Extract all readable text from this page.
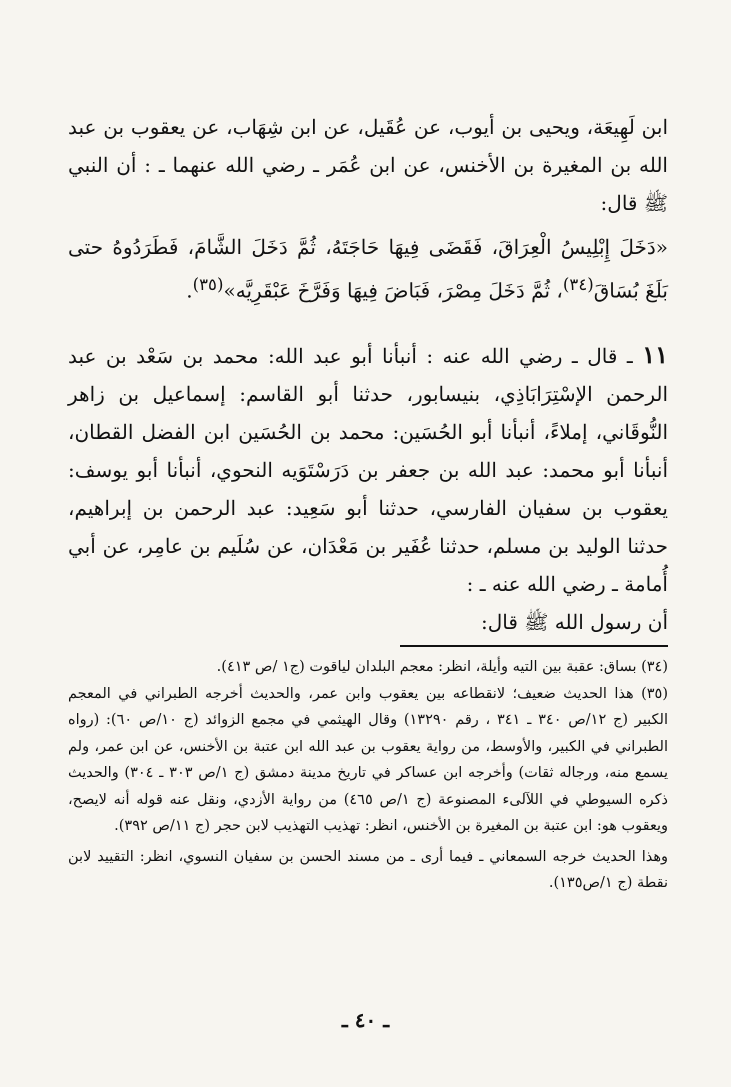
ابن لَهِيعَة، ويحيى بن أيوب، عن عُقَيل، عن ابن شِهَاب، عن يعقوب بن عبد الله بن المغيرة بن الأخنس، عن ابن عُمَر ـ رضي الله عنهما ـ : أن النبي ﷺ قال:

«دَخَلَ إِبْلِيسُ الْعِرَاقَ، فَقَضَى فِيهَا حَاجَتَهُ، ثُمَّ دَخَلَ الشَّامَ، فَطَرَدُوهُ حتى بَلَغَ بُسَاقَ$^{(٣٤)}$، ثُمَّ دَخَلَ مِصْرَ، فَبَاضَ فِيهَا وَفَرَّخَ عَبْقَرِيَّه»$^{(٣٥)}$.

١١ ـ قال ـ رضي الله عنه : أنبأنا أبو عبد الله: محمد بن سَعْد بن عبد الرحمن الإسْتِرَابَاذِي، بنيسابور، حدثنا أبو القاسم: إسماعيل بن زاهر النُّوقَاني، إملاءً، أنبأنا أبو الحُسَين: محمد بن الحُسَين ابن الفضل القطان، أنبأنا أبو محمد: عبد الله بن جعفر بن دَرَسْتَوَيه النحوي، أنبأنا أبو يوسف: يعقوب بن سفيان الفارسي، حدثنا أبو سَعِيد: عبد الرحمن بن إبراهيم، حدثنا الوليد بن مسلم، حدثنا عُفَير بن مَعْدَان، عن سُلَيم بن عامِر، عن أبي أُمامة ـ رضي الله عنه ـ :

أن رسول الله ﷺ قال:

(٣٤) بساق: عقبة بين التيه وأيلة، انظر: معجم البلدان لياقوت (ج١ /ص ٤١٣).

(٣٥) هذا الحديث ضعيف؛ لانقطاعه بين يعقوب وابن عمر، والحديث أخرجه الطبراني في المعجم الكبير (ج ١٢/ص ٣٤٠ ـ ٣٤١ ، رقم ١٣٢٩٠) وقال الهيثمي في مجمع الزوائد (ج ١٠/ص ٦٠): (رواه الطبراني في الكبير، والأوسط، من رواية يعقوب بن عبد الله ابن عتبة بن الأخنس، عن ابن عمر، ولم يسمع منه، ورجاله ثقات) وأخرجه ابن عساكر في تاريخ مدينة دمشق (ج ١/ص ٣٠٣ ـ ٣٠٤) والحديث ذكره السيوطي في اللآلىء المصنوعة (ج ١/ص ٤٦٥) من رواية الأزدي، ونقل عنه قوله أنه لايصح، ويعقوب هو: ابن عتبة بن المغيرة بن الأخنس، انظر: تهذيب التهذيب لابن حجر (ج ١١/ص ٣٩٢).

وهذا الحديث خرجه السمعاني ـ فيما أرى ـ من مسند الحسن بن سفيان النسوي، انظر: التقييد لابن نقطة (ج ١/ص١٣٥).

ـ ٤٠ ـ
